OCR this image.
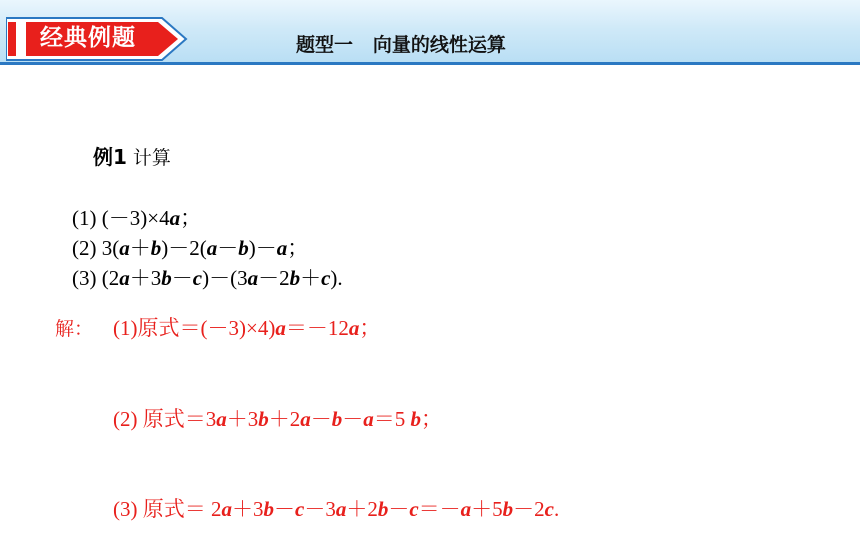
经典例题	题型一   向量的线性运算

例1 计算

(1) (－3)×4a；
(2) 3(a＋b)－2(a－b)－a；
(3) (2a＋3b－c)－(3a－2b＋c).

解： (1)原式＝(－3)×4)a＝－12a；

(2) 原式＝3a＋3b＋2a－b－a＝5 b；

(3) 原式＝ 2a＋3b－c－3a＋2b－c＝－a＋5b－2c.
